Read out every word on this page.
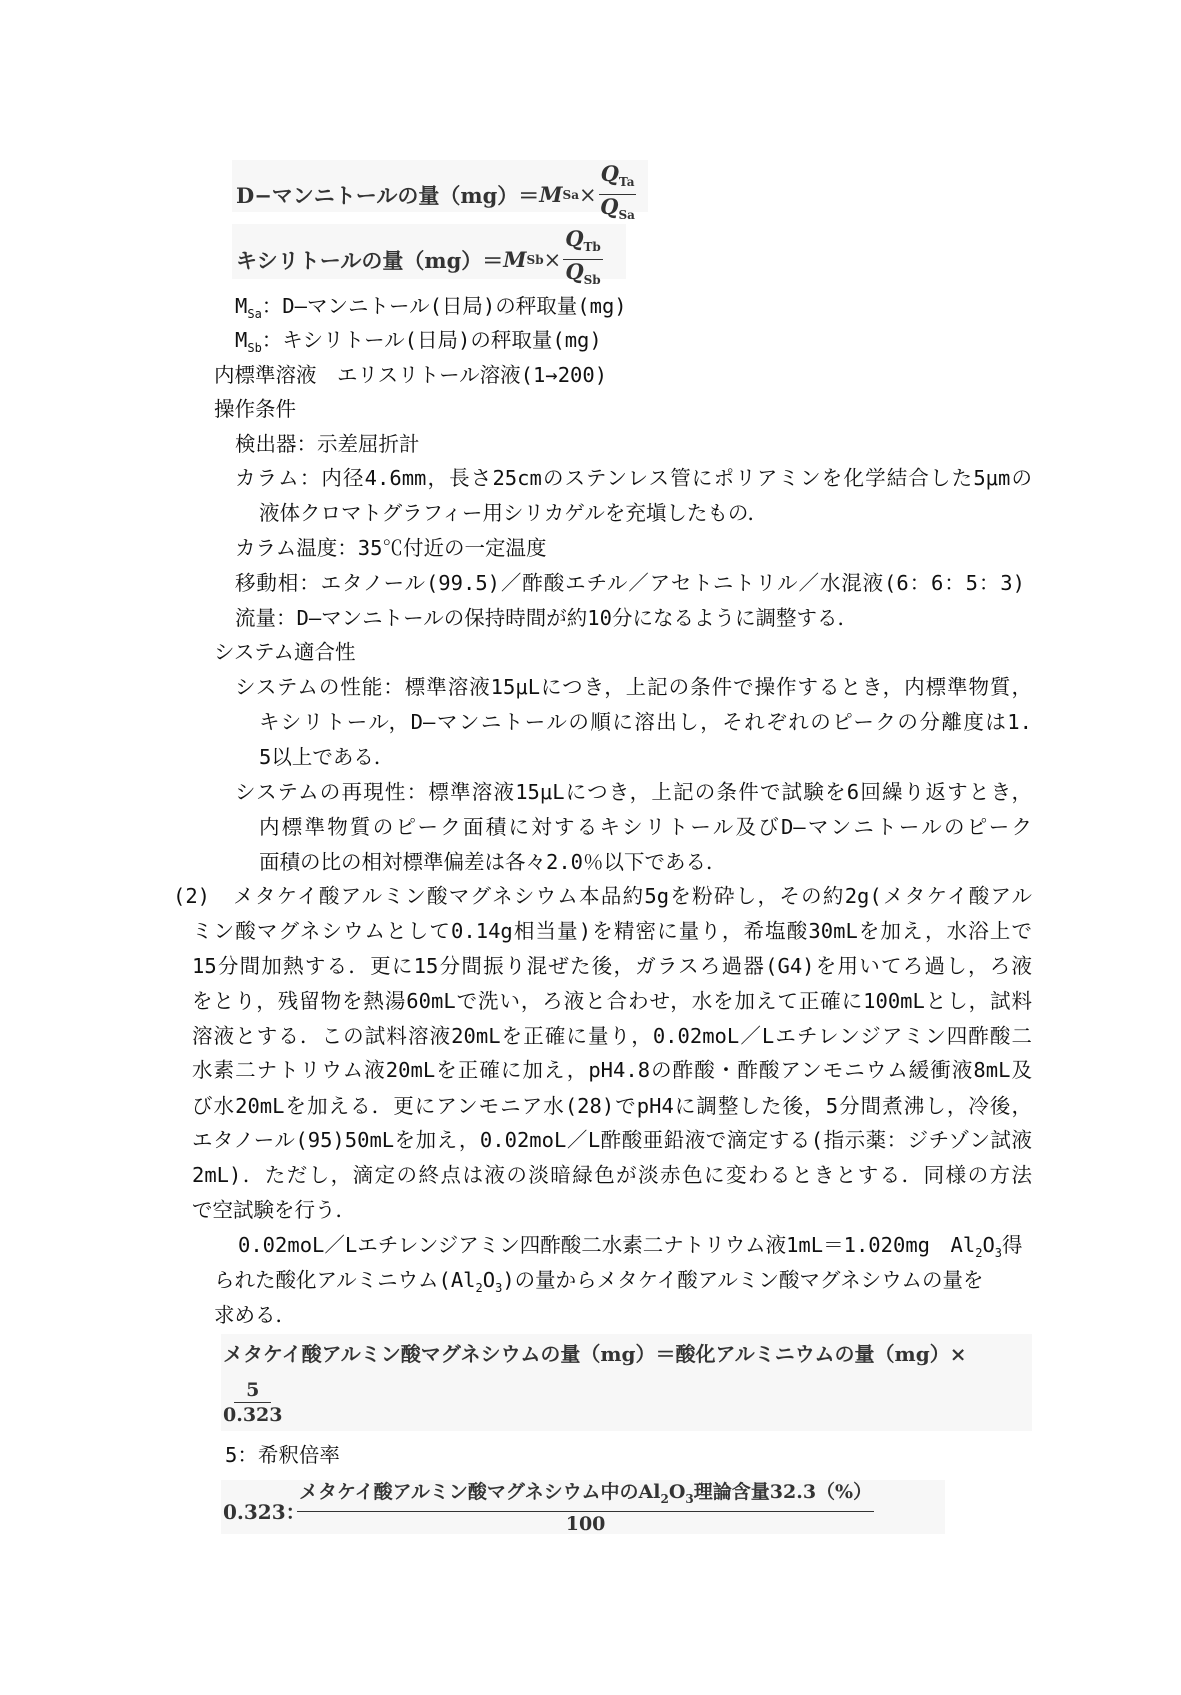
D−マンニトールの量（mg）＝ M $Sa \times \frac{Q_{Ta}}{Q_{Sa}}$
キシリトールの量（mg）＝ M $Sb \times \frac{Q_{Tb}}{Q_{Sb}}$
$M_{Sa}$：D―マンニトール(日局)の秤取量(mg)
$M_{Sb}$：キシリトール(日局)の秤取量(mg)
内標準溶液　エリスリトール溶液(1→200)
操作条件
検出器：示差屈折計
カラム：内径4.6mm，長さ25cmのステンレス管にポリアミンを化学結合した5μmの
液体クロマトグラフィー用シリカゲルを充塡したもの．
カラム温度：35℃付近の一定温度
移動相：エタノール(99.5)／酢酸エチル／アセトニトリル／水混液(6：6：5：3)
流量：D―マンニトールの保持時間が約10分になるように調整する．
システム適合性
システムの性能：標準溶液15μLにつき，上記の条件で操作するとき，内標準物質，
キシリトール，D―マンニトールの順に溶出し，それぞれのピークの分離度は1.
5以上である．
システムの再現性：標準溶液15μLにつき，上記の条件で試験を6回繰り返すとき，
内標準物質のピーク面積に対するキシリトール及びD―マンニトールのピーク
面積の比の相対標準偏差は各々2.0％以下である．
(2)　メタケイ酸アルミン酸マグネシウム本品約5gを粉砕し，その約2g(メタケイ酸アル
ミン酸マグネシウムとして0.14g相当量)を精密に量り，希塩酸30mLを加え，水浴上で
15分間加熱する．更に15分間振り混ぜた後，ガラスろ過器(G4)を用いてろ過し，ろ液
をとり，残留物を熱湯60mLで洗い，ろ液と合わせ，水を加えて正確に100mLとし，試料
溶液とする．この試料溶液20mLを正確に量り，0.02moL／Lエチレンジアミン四酢酸二
水素二ナトリウム液20mLを正確に加え，pH4.8の酢酸・酢酸アンモニウム緩衝液8mL及
び水20mLを加える．更にアンモニア水(28)でpH4に調整した後，5分間煮沸し，冷後，
エタノール(95)50mLを加え，0.02moL／L酢酸亜鉛液で滴定する(指示薬：ジチゾン試液
2mL)．ただし，滴定の終点は液の淡暗緑色が淡赤色に変わるときとする．同様の方法
で空試験を行う．
0.02moL／Lエチレンジアミン四酢酸二水素二ナトリウム液1mL＝1.020mg　$Al_2O_3$得
られた酸化アルミニウム$(Al_2O_3)$の量からメタケイ酸アルミン酸マグネシウムの量を
求める．
メタケイ酸アルミン酸マグネシウムの量（mg）＝酸化アルミニウムの量（mg）×
$\frac{5}{0.323}$
5：希釈倍率
0.323：
メタケイ酸アルミン酸マグネシウム中の$Al_2O_3$理論含量32.3（%）
100
